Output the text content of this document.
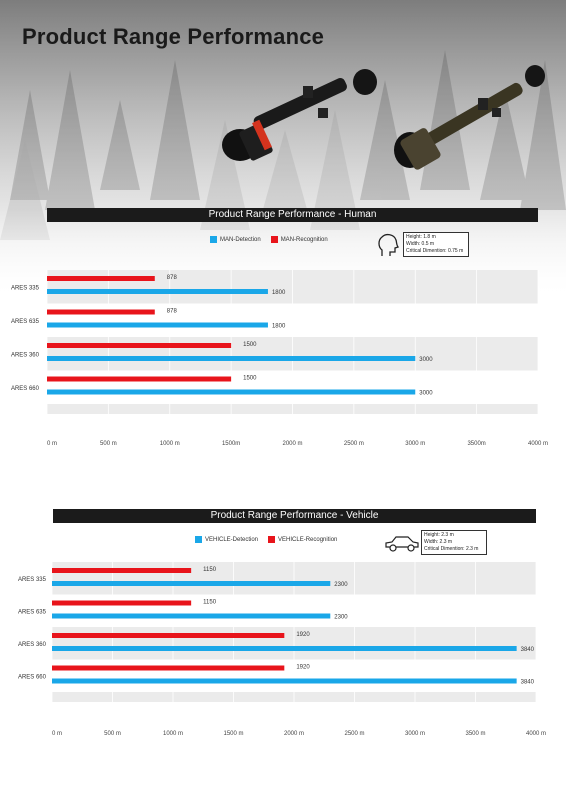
Product Range Performance
Product Range Performance - Human
MAN-Detection	MAN-Recognition	Height: 1.8 m
Width: 0.5 m
Critical Dimention: 0.75 m
ARES 335
878
1800
ARES 635
878
1800
ARES 360
1500
3000
ARES 660
1500
3000
0 m	500 m	1000 m	1500m	2000 m	2500 m	3000 m	3500m	4000 m
Product Range Performance - Vehicle
VEHICLE-Detection	VEHICLE-Recognition
Height: 2.3 m
Width: 2.3 m
Critical Dimention: 2.3 m
ARES 335
1150
2300
ARES 635
1150
2300
ARES 360
1920
3840
ARES 660
1920
3840
0 m	500 m	1000 m	1500 m	2000 m	2500 m	3000 m	3500 m	4000 m
